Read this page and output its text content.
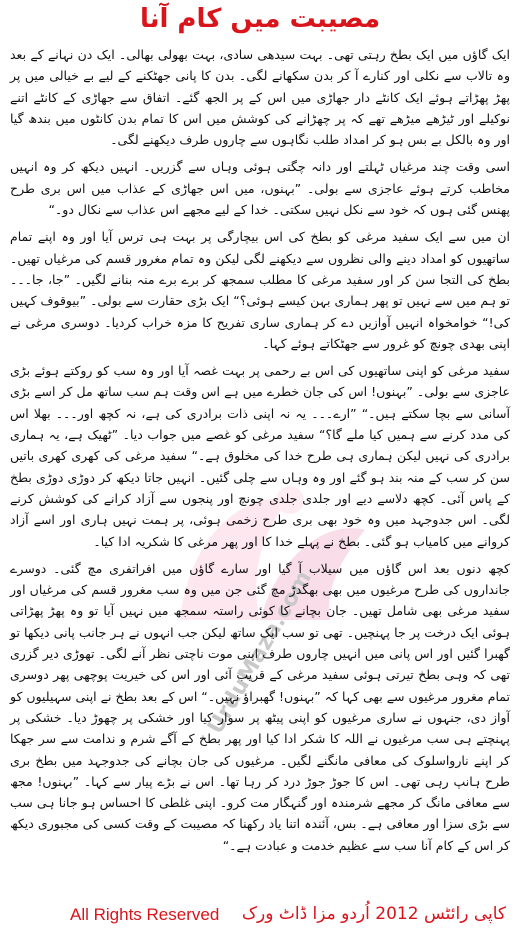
UrduMaza.com
مصیبت میں کام آنا

ایک گاؤں میں ایک بطخ رہتی تھی۔ بہت سیدھی سادی، بہت بھولی بھالی۔ ایک دن نہانے کے بعد وہ تالاب سے نکلی اور کنارے آ کر بدن سکھانے لگی۔ بدن کا پانی جھٹکنے کے لیے بے خیالی میں پر پھڑ پھڑاتے ہوئے ایک کانٹے دار جھاڑی میں اس کے پر الجھ گئے۔ اتفاق سے جھاڑی کے کانٹے اتنے نوکیلے اور ٹیڑھے میڑھے تھے کہ پر چھڑانے کی کوشش میں اس کا تمام بدن کانٹوں میں بندھ گیا اور وہ بالکل بے بس ہو کر امداد طلب نگاہوں سے چاروں طرف دیکھنے لگی۔

اسی وقت چند مرغیاں ٹہلتے اور دانہ چگتی ہوئی وہاں سے گزریں۔ انہیں دیکھ کر وہ انہیں مخاطب کرتے ہوئے عاجزی سے بولی۔ ”بہنوں، میں اس جھاڑی کے عذاب میں اس بری طرح پھنس گئی ہوں کہ خود سے نکل نہیں سکتی۔ خدا کے لیے مجھے اس عذاب سے نکال دو۔“

ان میں سے ایک سفید مرغی کو بطخ کی اس بیچارگی پر بہت ہی ترس آیا اور وہ اپنے تمام ساتھیوں کو امداد دینے والی نظروں سے دیکھنے لگی لیکن وہ تمام مغرور قسم کی مرغیاں تھیں۔ بطخ کی التجا سن کر اور سفید مرغی کا مطلب سمجھ کر برے برے منہ بنانے لگیں۔ ”جا، جا۔۔۔ تو ہم میں سے نہیں تو پھر ہماری بہن کیسے ہوئی؟“ ایک بڑی حقارت سے بولی۔ ”بیوقوف کہیں کی!“ خوامخواہ انہیں آوازیں دے کر ہماری ساری تفریح کا مزہ خراب کردیا۔ دوسری مرغی نے اپنی بھدی چونچ کو غرور سے جھٹکاتے ہوئے کہا۔

سفید مرغی کو اپنی ساتھیوں کی اس بے رحمی پر بہت غصہ آیا اور وہ سب کو روکتے ہوئے بڑی عاجزی سے بولی۔ ”بہنوں! اس کی جان خطرے میں ہے اس وقت ہم سب ساتھ مل کر اسے بڑی آسانی سے بچا سکتے ہیں۔“ ”ارے۔۔۔ یہ نہ اپنی ذات برادری کی ہے، نہ کچھ اور۔۔۔ بھلا اس کی مدد کرنے سے ہمیں کیا ملے گا؟“ سفید مرغی کو غصے میں جواب دیا۔ ”ٹھیک ہے، یہ ہماری برادری کی نہیں لیکن ہماری ہی طرح خدا کی مخلوق ہے۔“ سفید مرغی کی کھری کھری باتیں سن کر سب کے منہ بند ہو گئے اور وہ وہاں سے چلی گئیں۔ انہیں جاتا دیکھ کر دوڑی دوڑی بطخ کے پاس آئی۔ کچھ دلاسے دیے اور جلدی جلدی چونچ اور پنجوں سے آزاد کرانے کی کوشش کرنے لگی۔ اس جدوجہد میں وہ خود بھی بری طرح زخمی ہوئی، پر ہمت نہیں ہاری اور اسے آزاد کروانے میں کامیاب ہو گئی۔ بطخ نے پہلے خدا کا اور پھر مرغی کا شکریہ ادا کیا۔

کچھ دنوں بعد اس گاؤں میں سیلاب آ گیا اور سارے گاؤں میں افراتفری مچ گئی۔ دوسرے جانداروں کی طرح مرغیوں میں بھی بھگدڑ مچ گئی جن میں وہ سب مغرور قسم کی مرغیاں اور سفید مرغی بھی شامل تھیں۔ جان بچانے کا کوئی راستہ سمجھ میں نہیں آیا تو وہ پھڑ پھڑاتی ہوئی ایک درخت پر جا پہنچیں۔ تھی تو سب ایک ساتھ لیکن جب انہوں نے ہر جانب پانی دیکھا تو گھبرا گئیں اور اس پانی میں انہیں چاروں طرف اپنی موت ناچتی نظر آنے لگی۔ تھوڑی دیر گزری تھی کہ وہی بطخ تیرتی ہوئی سفید مرغی کے قریب آئی اور اس کی خیریت پوچھی پھر دوسری تمام مغرور مرغیوں سے بھی کہا کہ ”بہنوں! گھبراؤ نہیں۔“ اس کے بعد بطخ نے اپنی سہیلیوں کو آواز دی، جنہوں نے ساری مرغیوں کو اپنی پیٹھ پر سوار کیا اور خشکی پر چھوڑ دیا۔ خشکی پر پہنچتے ہی سب مرغیوں نے اللہ کا شکر ادا کیا اور پھر بطخ کے آگے شرم و ندامت سے سر جھکا کر اپنے نارواسلوک کی معافی مانگنے لگیں۔ مرغیوں کی جان بچانے کی جدوجہد میں بطخ بری طرح ہانپ رہی تھی۔ اس کا جوڑ جوڑ درد کر رہا تھا۔ اس نے بڑے پیار سے کہا۔ ”بہنوں! مجھ سے معافی مانگ کر مجھے شرمندہ اور گنہگار مت کرو۔ اپنی غلطی کا احساس ہو جانا ہی سب سے بڑی سزا اور معافی ہے۔ بس، آئندہ اتنا یاد رکھنا کہ مصیبت کے وقت کسی کی مجبوری دیکھ کر اس کے کام آنا سب سے عظیم خدمت و عبادت ہے۔“

All Rights Reserved کاپی رائٹس 2012 اُردو مزا ڈاٹ ورک
